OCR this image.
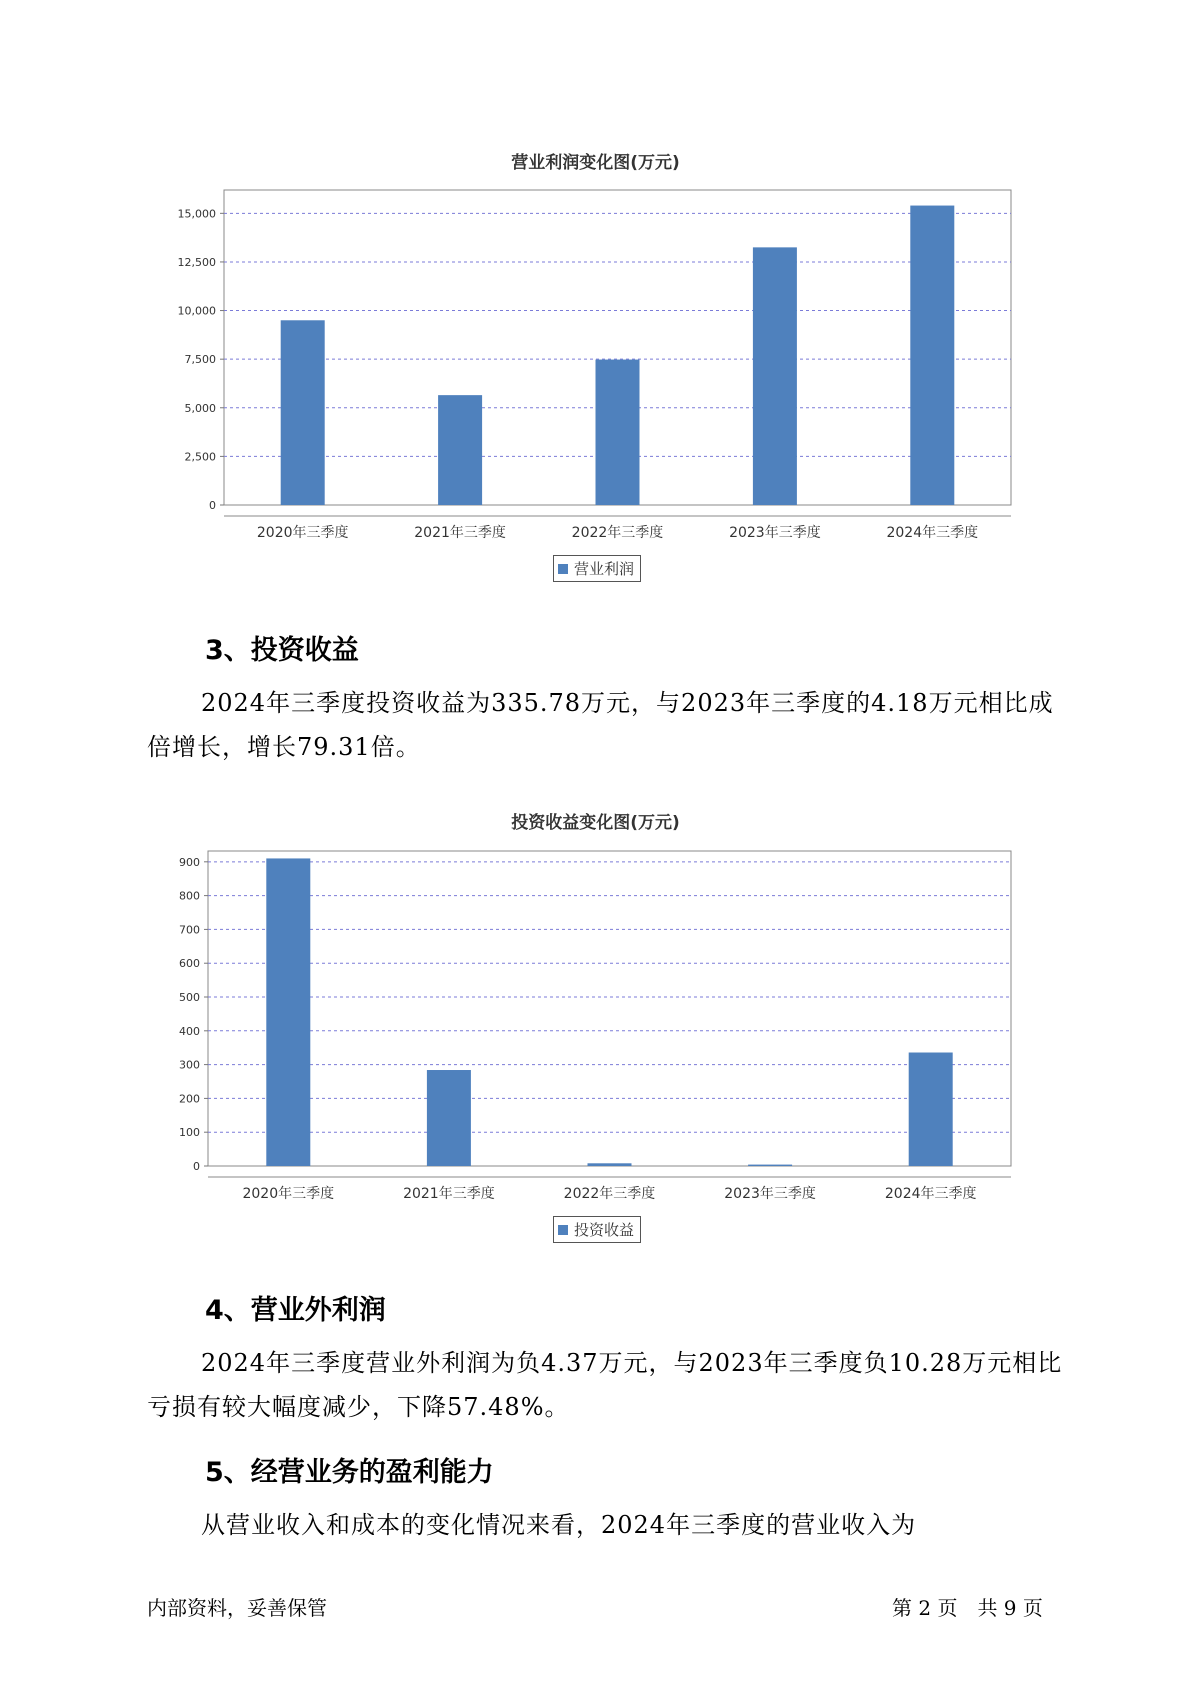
营业利润变化图(万元)
0
2,500
5,000
7,500
10,000
12,500
15,000
2020年三季度	2021年三季度	2022年三季度	2023年三季度	2024年三季度
营业利润
3、投资收益

2024年三季度投资收益为335.78万元，与2023年三季度的4.18万元相比成倍增长，增长79.31倍。

投资收益变化图(万元)
0
100
200
300
400
500
600
700
800
900
2020年三季度	2021年三季度	2022年三季度	2023年三季度	2024年三季度
投资收益
4、营业外利润

2024年三季度营业外利润为负4.37万元，与2023年三季度负10.28万元相比亏损有较大幅度减少，下降57.48%。

5、经营业务的盈利能力

从营业收入和成本的变化情况来看，2024年三季度的营业收入为

内部资料，妥善保管	第 2 页　共 9 页
